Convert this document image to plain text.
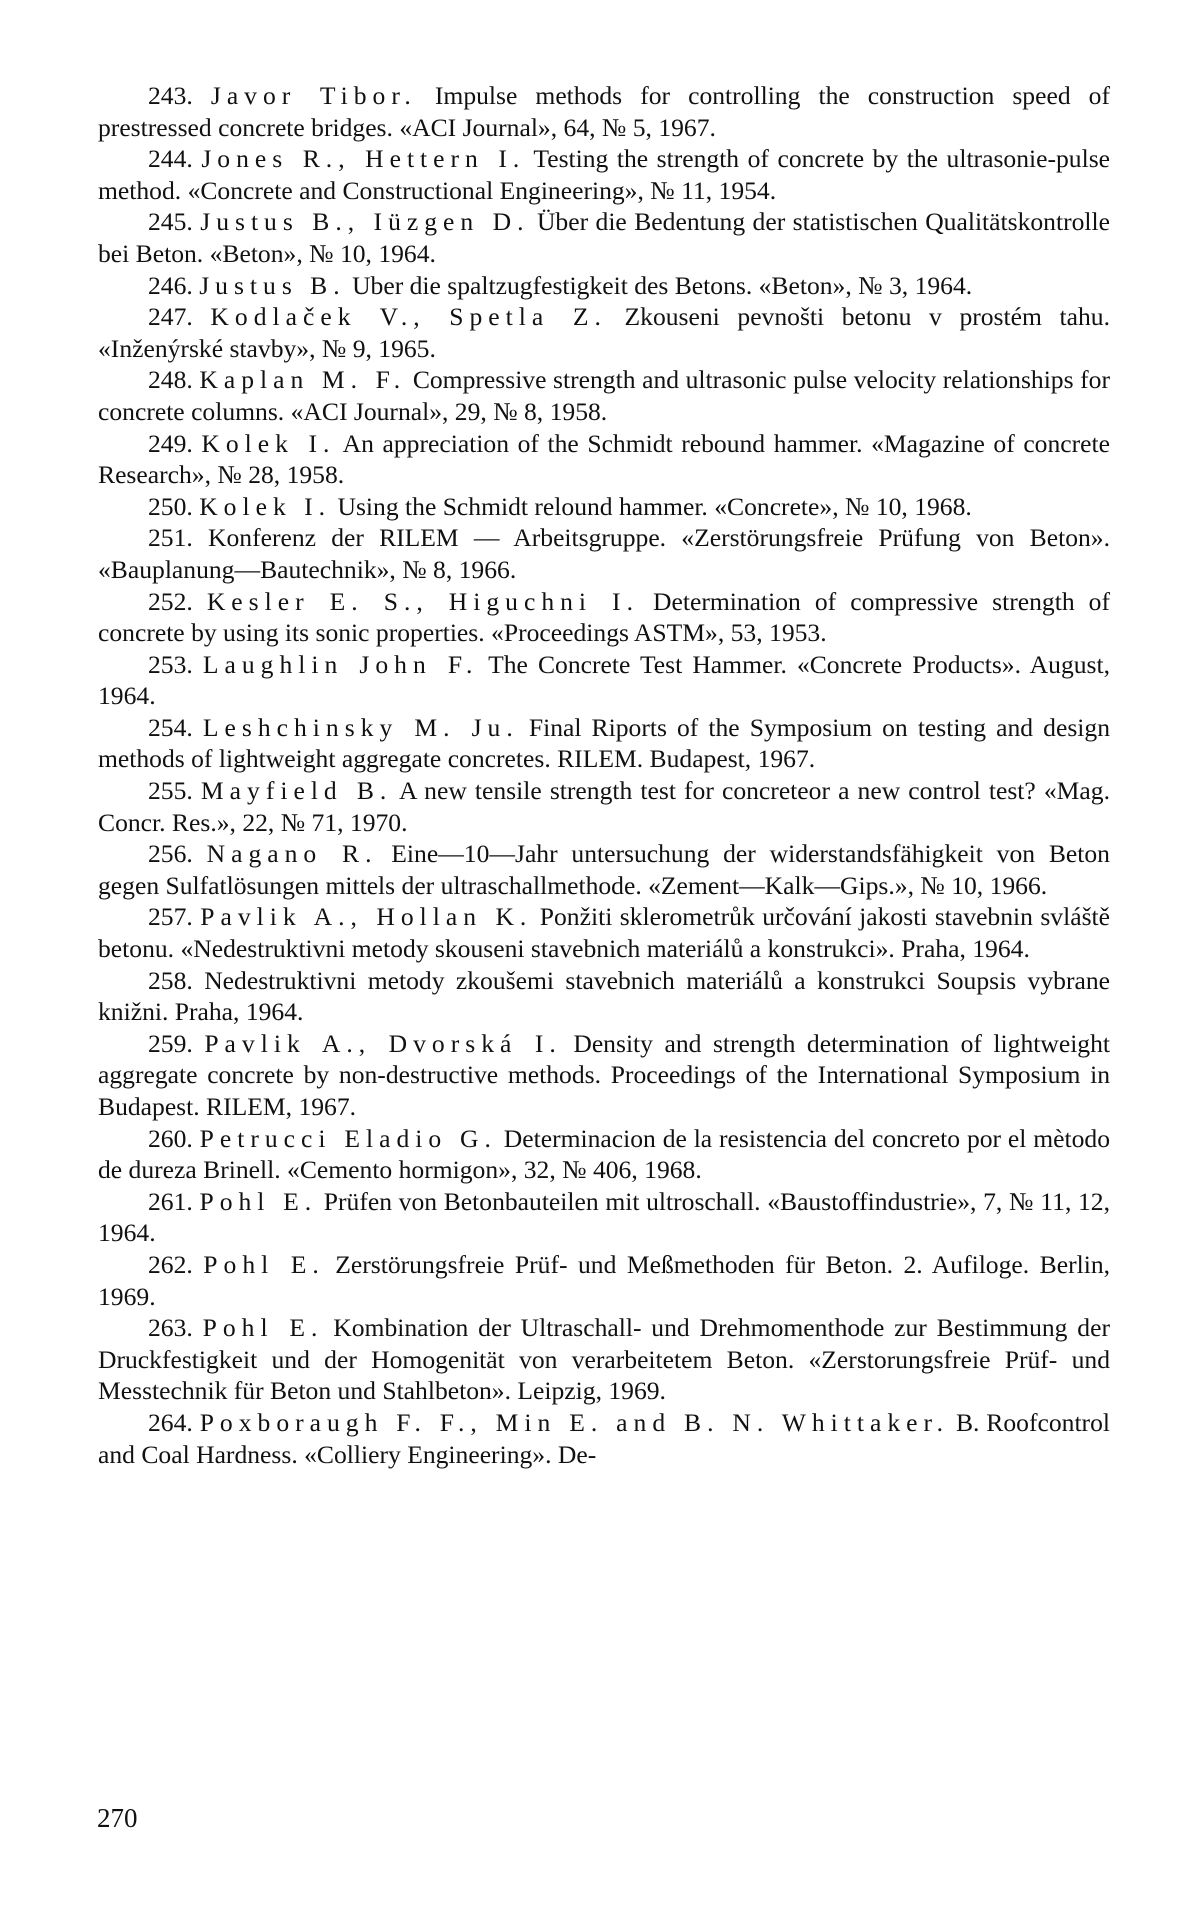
243. Javor Tibor. Impulse methods for controlling the construction speed of prestressed concrete bridges. «ACI Journal», 64, № 5, 1967.

244. Jones R., Hettern I. Testing the strength of concrete by the ultrasonie-pulse method. «Concrete and Constructional Engineering», № 11, 1954.

245. Justus B., Iüzgen D. Über die Bedentung der statistischen Qualitätskontrolle bei Beton. «Beton», № 10, 1964.

246. Justus B. Uber die spaltzugfestigkeit des Betons. «Beton», № 3, 1964.

247. Kodlaček V., Spetla Z. Zkouseni pevnošti betonu v prostém tahu. «Inženýrské stavby», № 9, 1965.

248. Kaplan M. F. Compressive strength and ultrasonic pulse velocity relationships for concrete columns. «ACI Journal», 29, № 8, 1958.

249. Kolek I. An appreciation of the Schmidt rebound hammer. «Magazine of concrete Research», № 28, 1958.

250. Kolek I. Using the Schmidt relound hammer. «Concrete», № 10, 1968.

251. Konferenz der RILEM — Arbeitsgruppe. «Zerstörungsfreie Prüfung von Beton». «Bauplanung—Bautechnik», № 8, 1966.

252. Kesler E. S., Higuchni I. Determination of compressive strength of concrete by using its sonic properties. «Proceedings ASTM», 53, 1953.

253. Laughlin John F. The Concrete Test Hammer. «Concrete Products». August, 1964.

254. Leshchinsky M. Ju. Final Riports of the Symposium on testing and design methods of lightweight aggregate concretes. RILEM. Budapest, 1967.

255. Mayfield B. A new tensile strength test for concreteor a new control test? «Mag. Concr. Res.», 22, № 71, 1970.

256. Nagano R. Eine—10—Jahr untersuchung der widerstandsfähigkeit von Beton gegen Sulfatlösungen mittels der ultraschallmethode. «Zement—Kalk—Gips.», № 10, 1966.

257. Pavlik A., Hollan K. Ponžiti sklerometrůk určování jakosti stavebnin svláště betonu. «Nedestruktivni metody skouseni stavebnich materiálů a konstrukci». Praha, 1964.

258. Nedestruktivni metody zkoušemi stavebnich materiálů a konstrukci Soupsis vybrane knižni. Praha, 1964.

259. Pavlik A., Dvorská I. Density and strength determination of lightweight aggregate concrete by non-destructive methods. Proceedings of the International Symposium in Budapest. RILEM, 1967.

260. Petrucci Eladio G. Determinacion de la resistencia del concreto por el mètodo de dureza Brinell. «Cemento hormigon», 32, № 406, 1968.

261. Pohl E. Prüfen von Betonbauteilen mit ultroschall. «Baustoffindustrie», 7, № 11, 12, 1964.

262. Pohl E. Zerstörungsfreie Prüf- und Meßmethoden für Beton. 2. Aufiloge. Berlin, 1969.

263. Pohl E. Kombination der Ultraschall- und Drehmomenthode zur Bestimmung der Druckfestigkeit und der Homogenität von verarbeitetem Beton. «Zerstorungsfreie Prüf- und Messtechnik für Beton und Stahlbeton». Leipzig, 1969.

264. Poxboraugh F. F., Min E. and B. N. Whittaker. B. Roofcontrol and Coal Hardness. «Colliery Engineering». De-

270
